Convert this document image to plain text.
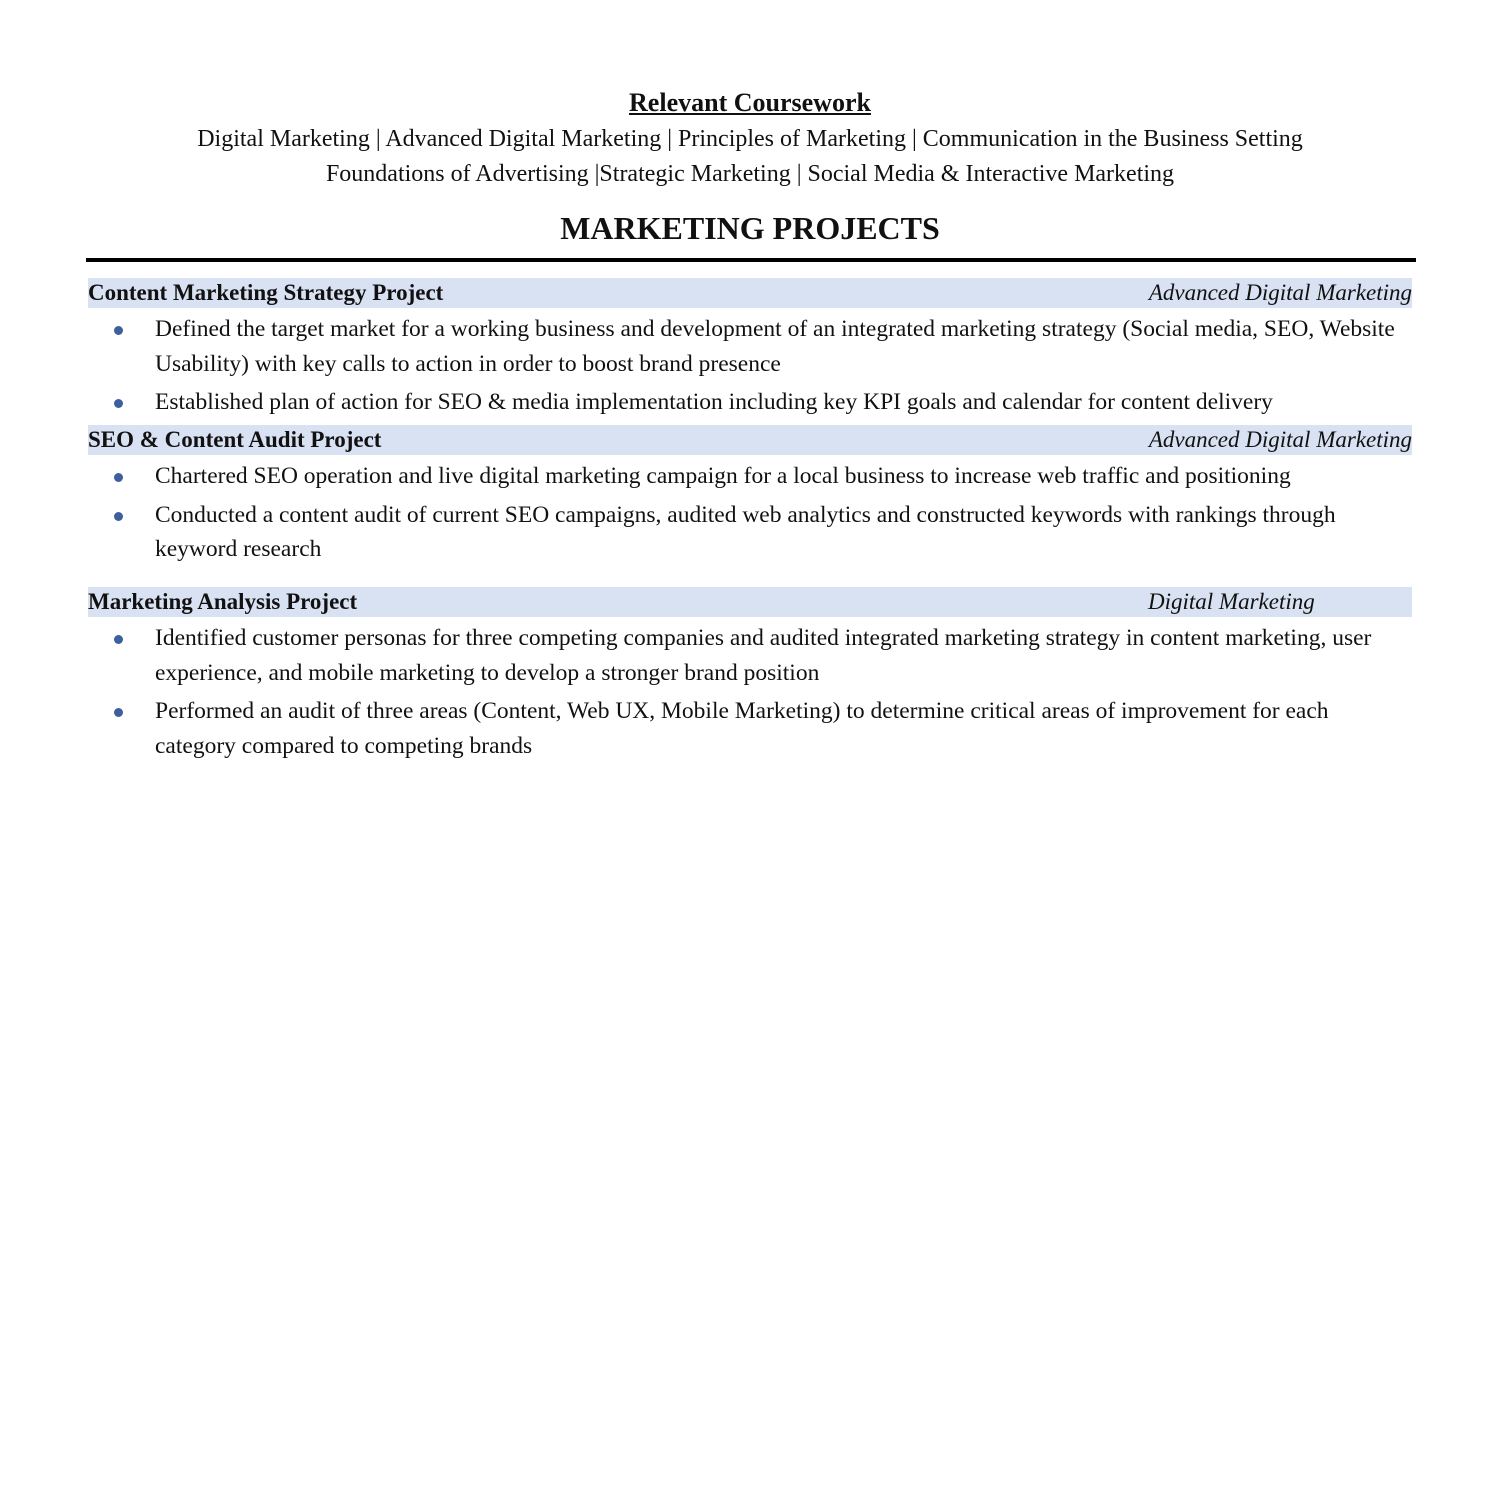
Relevant Coursework
Digital Marketing | Advanced Digital Marketing | Principles of Marketing | Communication in the Business Setting
Foundations of Advertising |Strategic Marketing | Social Media & Interactive Marketing
MARKETING PROJECTS
Content Marketing Strategy Project	Advanced Digital Marketing
Defined the target market for a working business and development of an integrated marketing strategy (Social media, SEO, Website Usability) with key calls to action in order to boost brand presence
Established plan of action for SEO & media implementation including key KPI goals and calendar for content delivery
SEO & Content Audit Project	Advanced Digital Marketing
Chartered SEO operation and live digital marketing campaign for a local business to increase web traffic and positioning
Conducted a content audit of current SEO campaigns, audited web analytics and constructed keywords with rankings through keyword research
Marketing Analysis Project	Digital Marketing
Identified customer personas for three competing companies and audited integrated marketing strategy in content marketing, user experience, and mobile marketing to develop a stronger brand position
Performed an audit of three areas (Content, Web UX, Mobile Marketing) to determine critical areas of improvement for each category compared to competing brands
